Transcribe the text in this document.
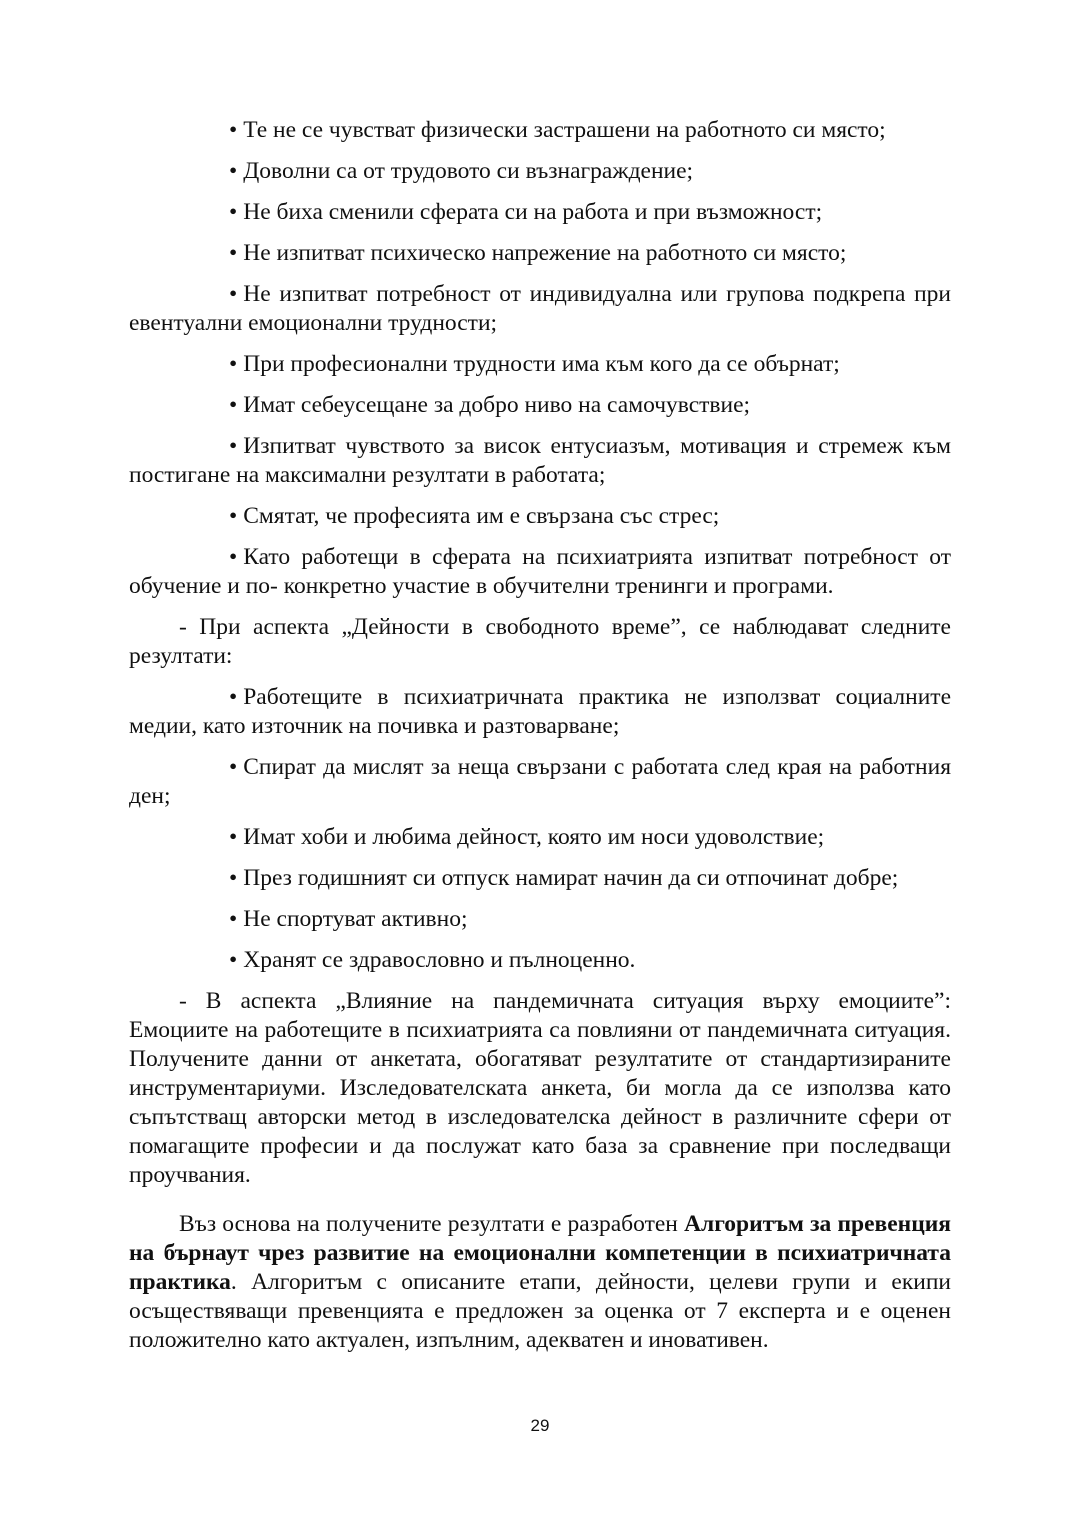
• Те не се чувстват физически застрашени на работното си място;

• Доволни са от трудовото си възнаграждение;

• Не биха сменили сферата си на работа и при възможност;

• Не изпитват психическо напрежение на работното си място;

• Не изпитват потребност от индивидуална или групова подкрепа при евентуални емоционални трудности;

• При професионални трудности има към кого да се обърнат;

• Имат себеусещане за добро ниво на самочувствие;

• Изпитват чувството за висок ентусиазъм, мотивация и стремеж към постигане на максимални резултати в работата;

• Смятат, че професията им е свързана със стрес;

• Като работещи в сферата на психиатрията изпитват потребност от обучение и по- конкретно участие в обучителни тренинги и програми.

- При аспекта „Дейности в свободното време”, се наблюдават следните резултати:

• Работещите в психиатричната практика не използват социалните медии, като източник на почивка и разтоварване;

• Спират да мислят за неща свързани с работата след края на работния ден;

• Имат хоби и любима дейност, която им носи удоволствие;

• През годишният си отпуск намират начин да си отпочинат добре;

• Не спортуват активно;

• Хранят се здравословно и пълноценно.

- В аспекта „Влияние на пандемичната ситуация върху емоциите”: Емоциите на работещите в психиатрията са повлияни от пандемичната ситуация. Получените данни от анкетата, обогатяват резултатите от стандартизираните инструментариуми. Изследователската анкета, би могла да се използва като съпътстващ авторски метод в изследователска дейност в различните сфери от помагащите професии и да послужат като база за сравнение при последващи проучвания.

Въз основа на получените резултати е разработен Алгоритъм за превенция на бърнаут чрез развитие на емоционални компетенции в психиатричната практика. Алгоритъм с описаните етапи, дейности, целеви групи и екипи осъществяващи превенцията е предложен за оценка от 7 експерта и е оценен положително като актуален, изпълним, адекватен и иновативен.

29
